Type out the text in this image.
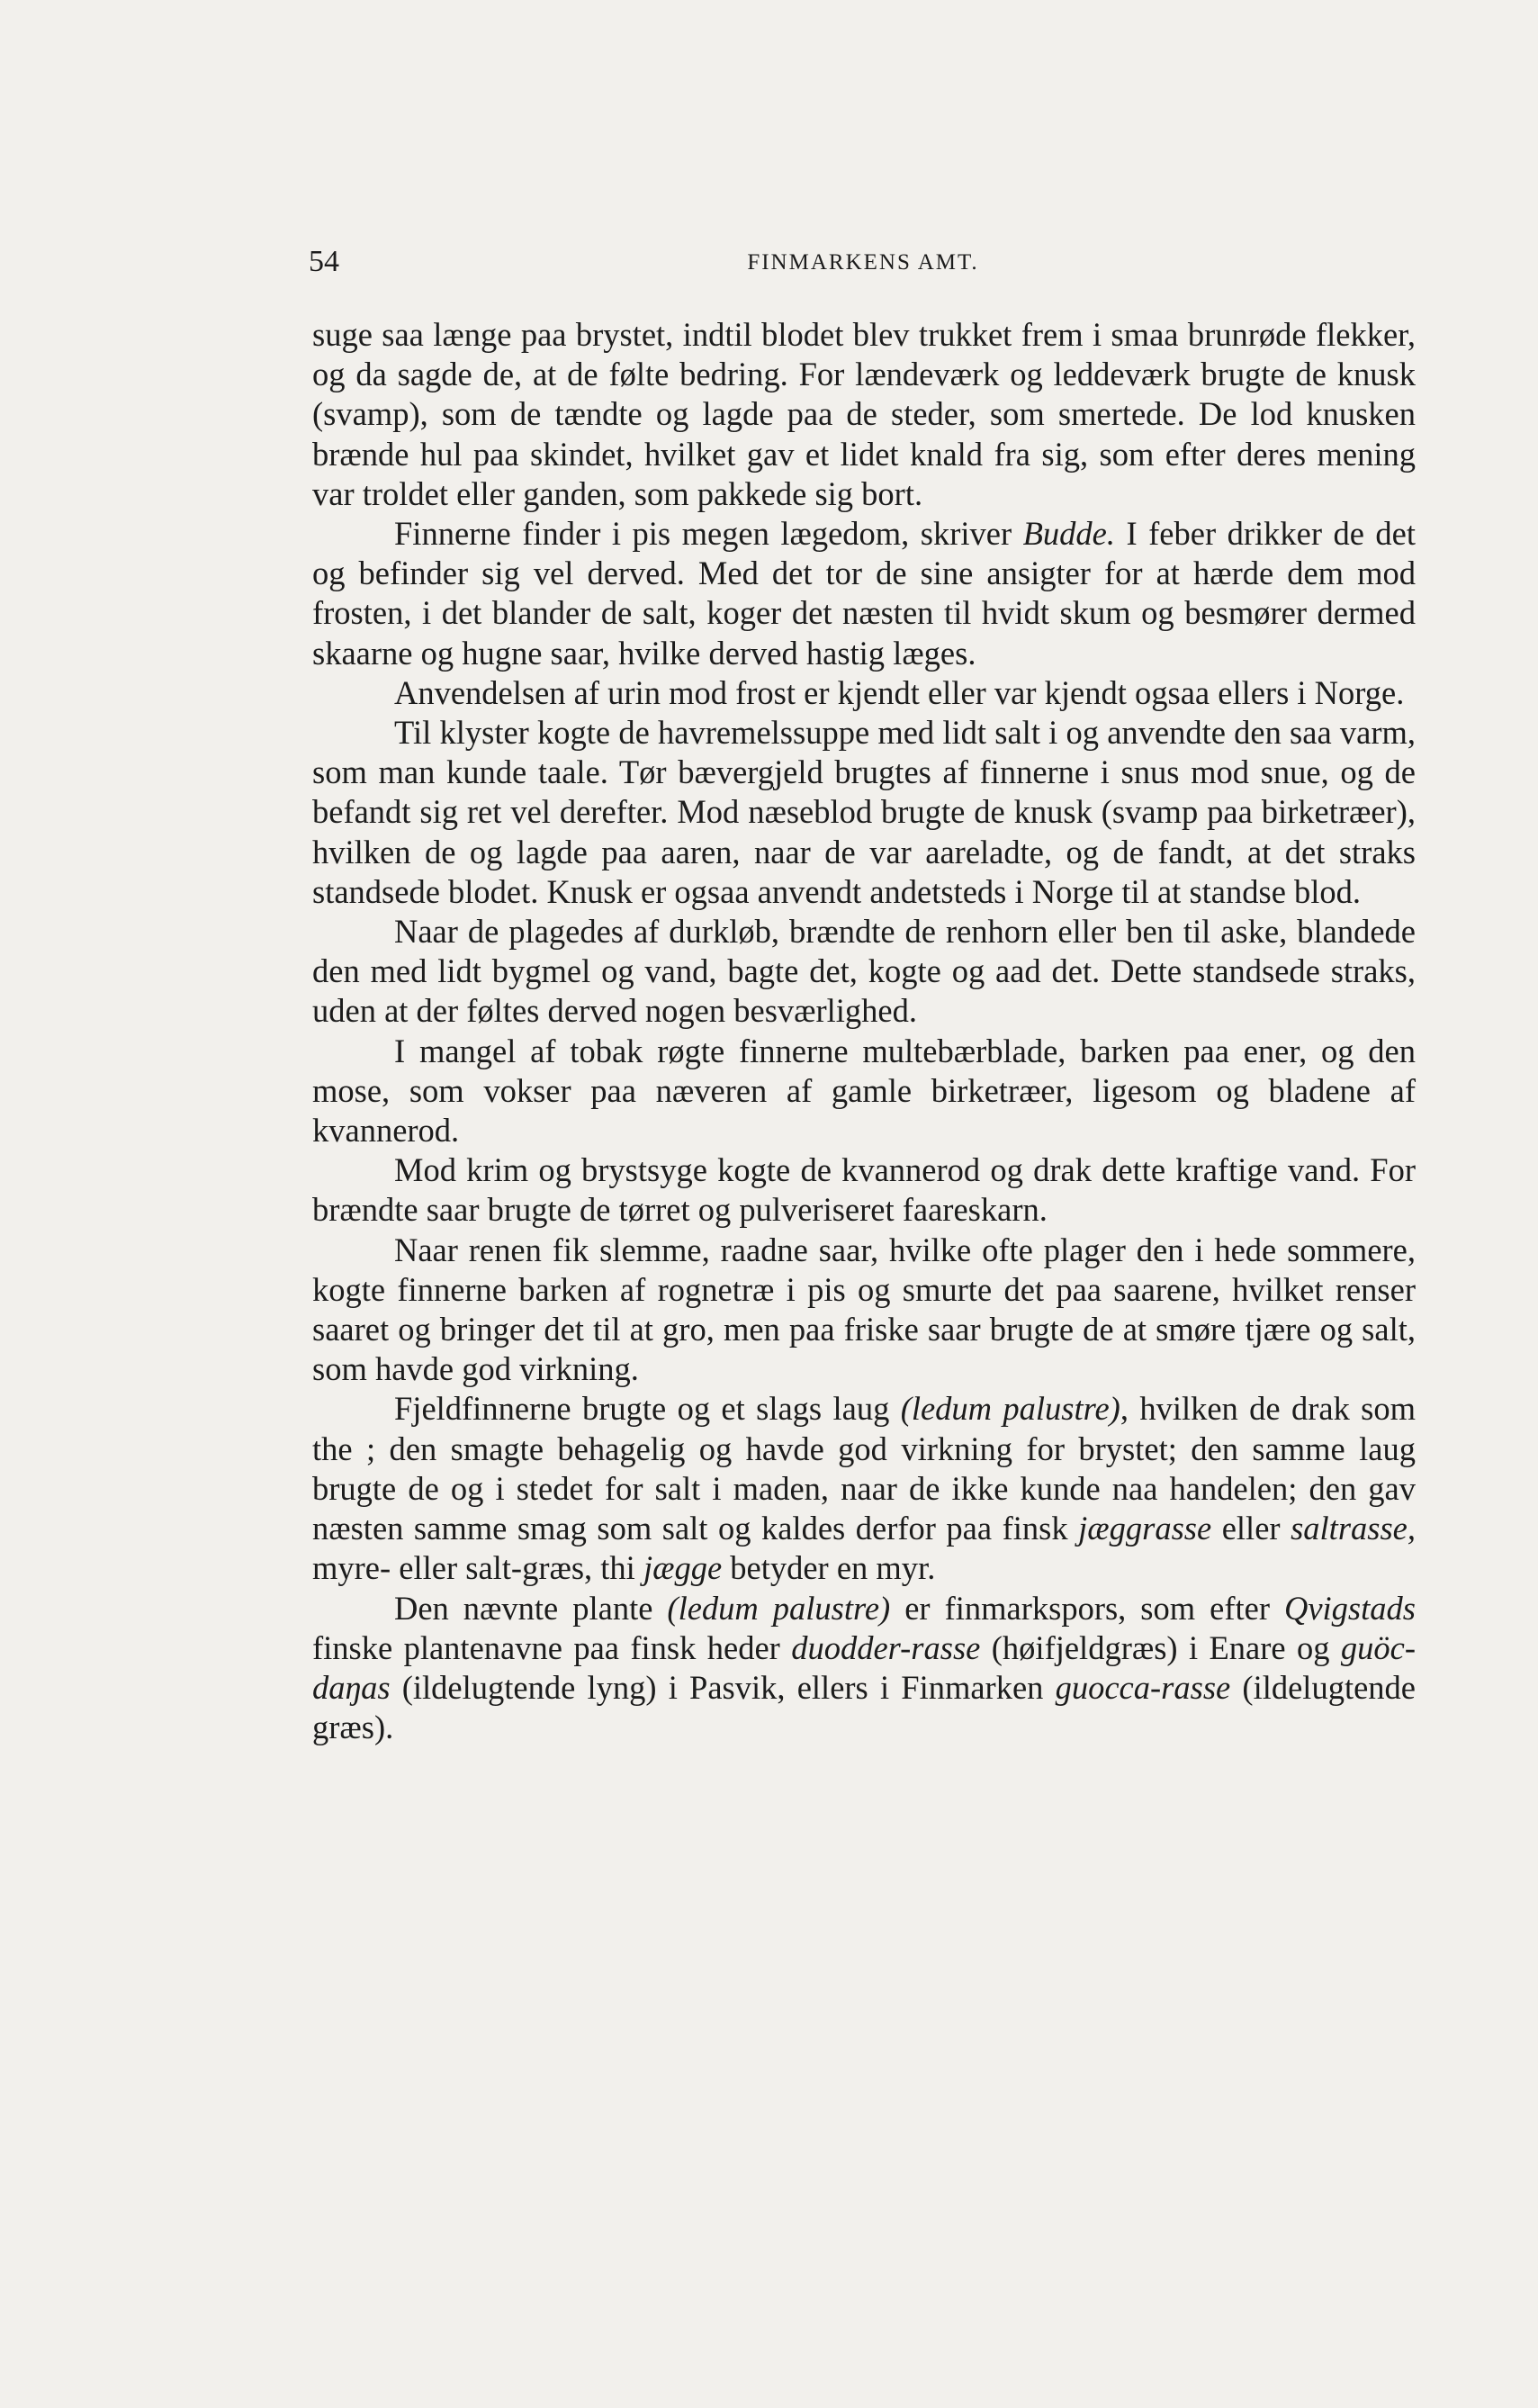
54	FINMARKENS AMT.

suge saa længe paa brystet, indtil blodet blev trukket frem i smaa brunrøde flekker, og da sagde de, at de følte bedring. For lændeværk og leddeværk brugte de knusk (svamp), som de tændte og lagde paa de steder, som smertede. De lod knusken brænde hul paa skindet, hvilket gav et lidet knald fra sig, som efter deres mening var troldet eller ganden, som pakkede sig bort.

Finnerne finder i pis megen lægedom, skriver Budde. I feber drikker de det og befinder sig vel derved. Med det tor de sine ansigter for at hærde dem mod frosten, i det blander de salt, koger det næsten til hvidt skum og besmører dermed skaarne og hugne saar, hvilke derved hastig læges.

Anvendelsen af urin mod frost er kjendt eller var kjendt ogsaa ellers i Norge.

Til klyster kogte de havremelssuppe med lidt salt i og anvendte den saa varm, som man kunde taale. Tør bævergjeld brugtes af finnerne i snus mod snue, og de befandt sig ret vel derefter. Mod næseblod brugte de knusk (svamp paa birketræer), hvilken de og lagde paa aaren, naar de var aareladte, og de fandt, at det straks standsede blodet. Knusk er ogsaa anvendt andetsteds i Norge til at standse blod.

Naar de plagedes af durkløb, brændte de renhorn eller ben til aske, blandede den med lidt bygmel og vand, bagte det, kogte og aad det. Dette standsede straks, uden at der føltes derved nogen besværlighed.

I mangel af tobak røgte finnerne multebærblade, barken paa ener, og den mose, som vokser paa næveren af gamle birketræer, ligesom og bladene af kvannerod.

Mod krim og brystsyge kogte de kvannerod og drak dette kraftige vand. For brændte saar brugte de tørret og pulveriseret faareskarn.

Naar renen fik slemme, raadne saar, hvilke ofte plager den i hede sommere, kogte finnerne barken af rognetræ i pis og smurte det paa saarene, hvilket renser saaret og bringer det til at gro, men paa friske saar brugte de at smøre tjære og salt, som havde god virkning.

Fjeldfinnerne brugte og et slags laug (ledum palustre), hvilken de drak som the ; den smagte behagelig og havde god virkning for brystet; den samme laug brugte de og i stedet for salt i maden, naar de ikke kunde naa handelen; den gav næsten samme smag som salt og kaldes derfor paa finsk jæggrasse eller saltrasse, myre- eller salt-græs, thi jægge betyder en myr.

Den nævnte plante (ledum palustre) er finmarkspors, som efter Qvigstads finske plantenavne paa finsk heder duodder-rasse (høifjeldgræs) i Enare og guöc-daŋas (ildelugtende lyng) i Pasvik, ellers i Finmarken guocca-rasse (ildelugtende græs).
